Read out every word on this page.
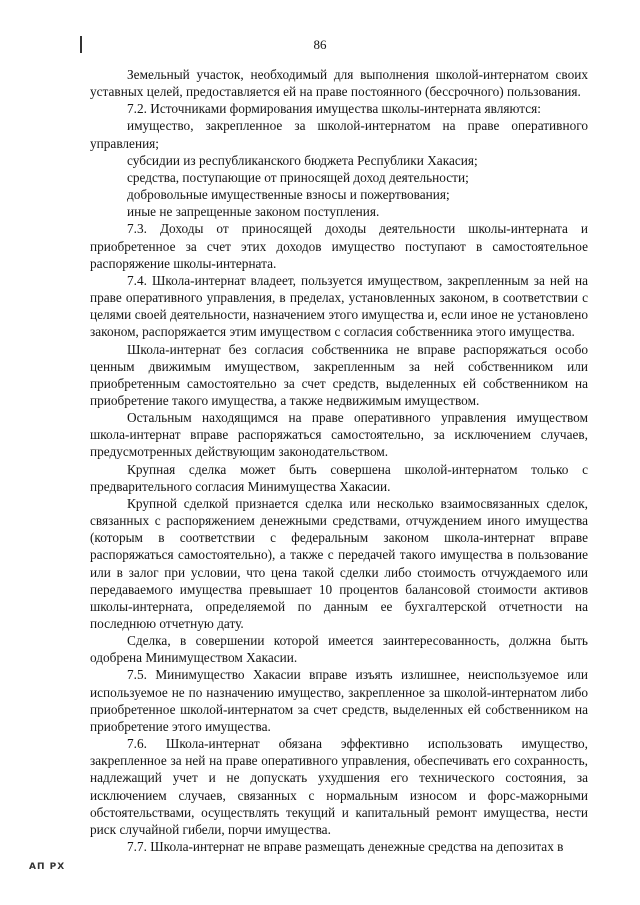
86

Земельный участок, необходимый для выполнения школой-интернатом своих уставных целей, предоставляется ей на праве постоянного (бессрочного) пользования.

7.2. Источниками формирования имущества школы-интерната являются:

имущество, закрепленное за школой-интернатом на праве оперативного управления;

субсидии из республиканского бюджета Республики Хакасия;

средства, поступающие от приносящей доход деятельности;

добровольные имущественные взносы и пожертвования;

иные не запрещенные законом поступления.

7.3. Доходы от приносящей доходы деятельности школы-интерната и приобретенное за счет этих доходов имущество поступают в самостоятельное распоряжение школы-интерната.

7.4. Школа-интернат владеет, пользуется имуществом, закрепленным за ней на праве оперативного управления, в пределах, установленных законом, в соответствии с целями своей деятельности, назначением этого имущества и, если иное не установлено законом, распоряжается этим имуществом с согласия собственника этого имущества.

Школа-интернат без согласия собственника не вправе распоряжаться особо ценным движимым имуществом, закрепленным за ней собственником или приобретенным самостоятельно за счет средств, выделенных ей собственником на приобретение такого имущества, а также недвижимым имуществом.

Остальным находящимся на праве оперативного управления имуществом школа-интернат вправе распоряжаться самостоятельно, за исключением случаев, предусмотренных действующим законодательством.

Крупная сделка может быть совершена школой-интернатом только с предварительного согласия Минимущества Хакасии.

Крупной сделкой признается сделка или несколько взаимосвязанных сделок, связанных с распоряжением денежными средствами, отчуждением иного имущества (которым в соответствии с федеральным законом школа-интернат вправе распоряжаться самостоятельно), а также с передачей такого имущества в пользование или в залог при условии, что цена такой сделки либо стоимость отчуждаемого или передаваемого имущества превышает 10 процентов балансовой стоимости активов школы-интерната, определяемой по данным ее бухгалтерской отчетности на последнюю отчетную дату.

Сделка, в совершении которой имеется заинтересованность, должна быть одобрена Минимуществом Хакасии.

7.5. Минимущество Хакасии вправе изъять излишнее, неиспользуемое или используемое не по назначению имущество, закрепленное за школой-интернатом либо приобретенное школой-интернатом за счет средств, выделенных ей собственником на приобретение этого имущества.

7.6. Школа-интернат обязана эффективно использовать имущество, закрепленное за ней на праве оперативного управления, обеспечивать его сохранность, надлежащий учет и не допускать ухудшения его технического состояния, за исключением случаев, связанных с нормальным износом и форс-мажорными обстоятельствами, осуществлять текущий и капитальный ремонт имущества, нести риск случайной гибели, порчи имущества.

7.7. Школа-интернат не вправе размещать денежные средства на депозитах в

АП РХ
